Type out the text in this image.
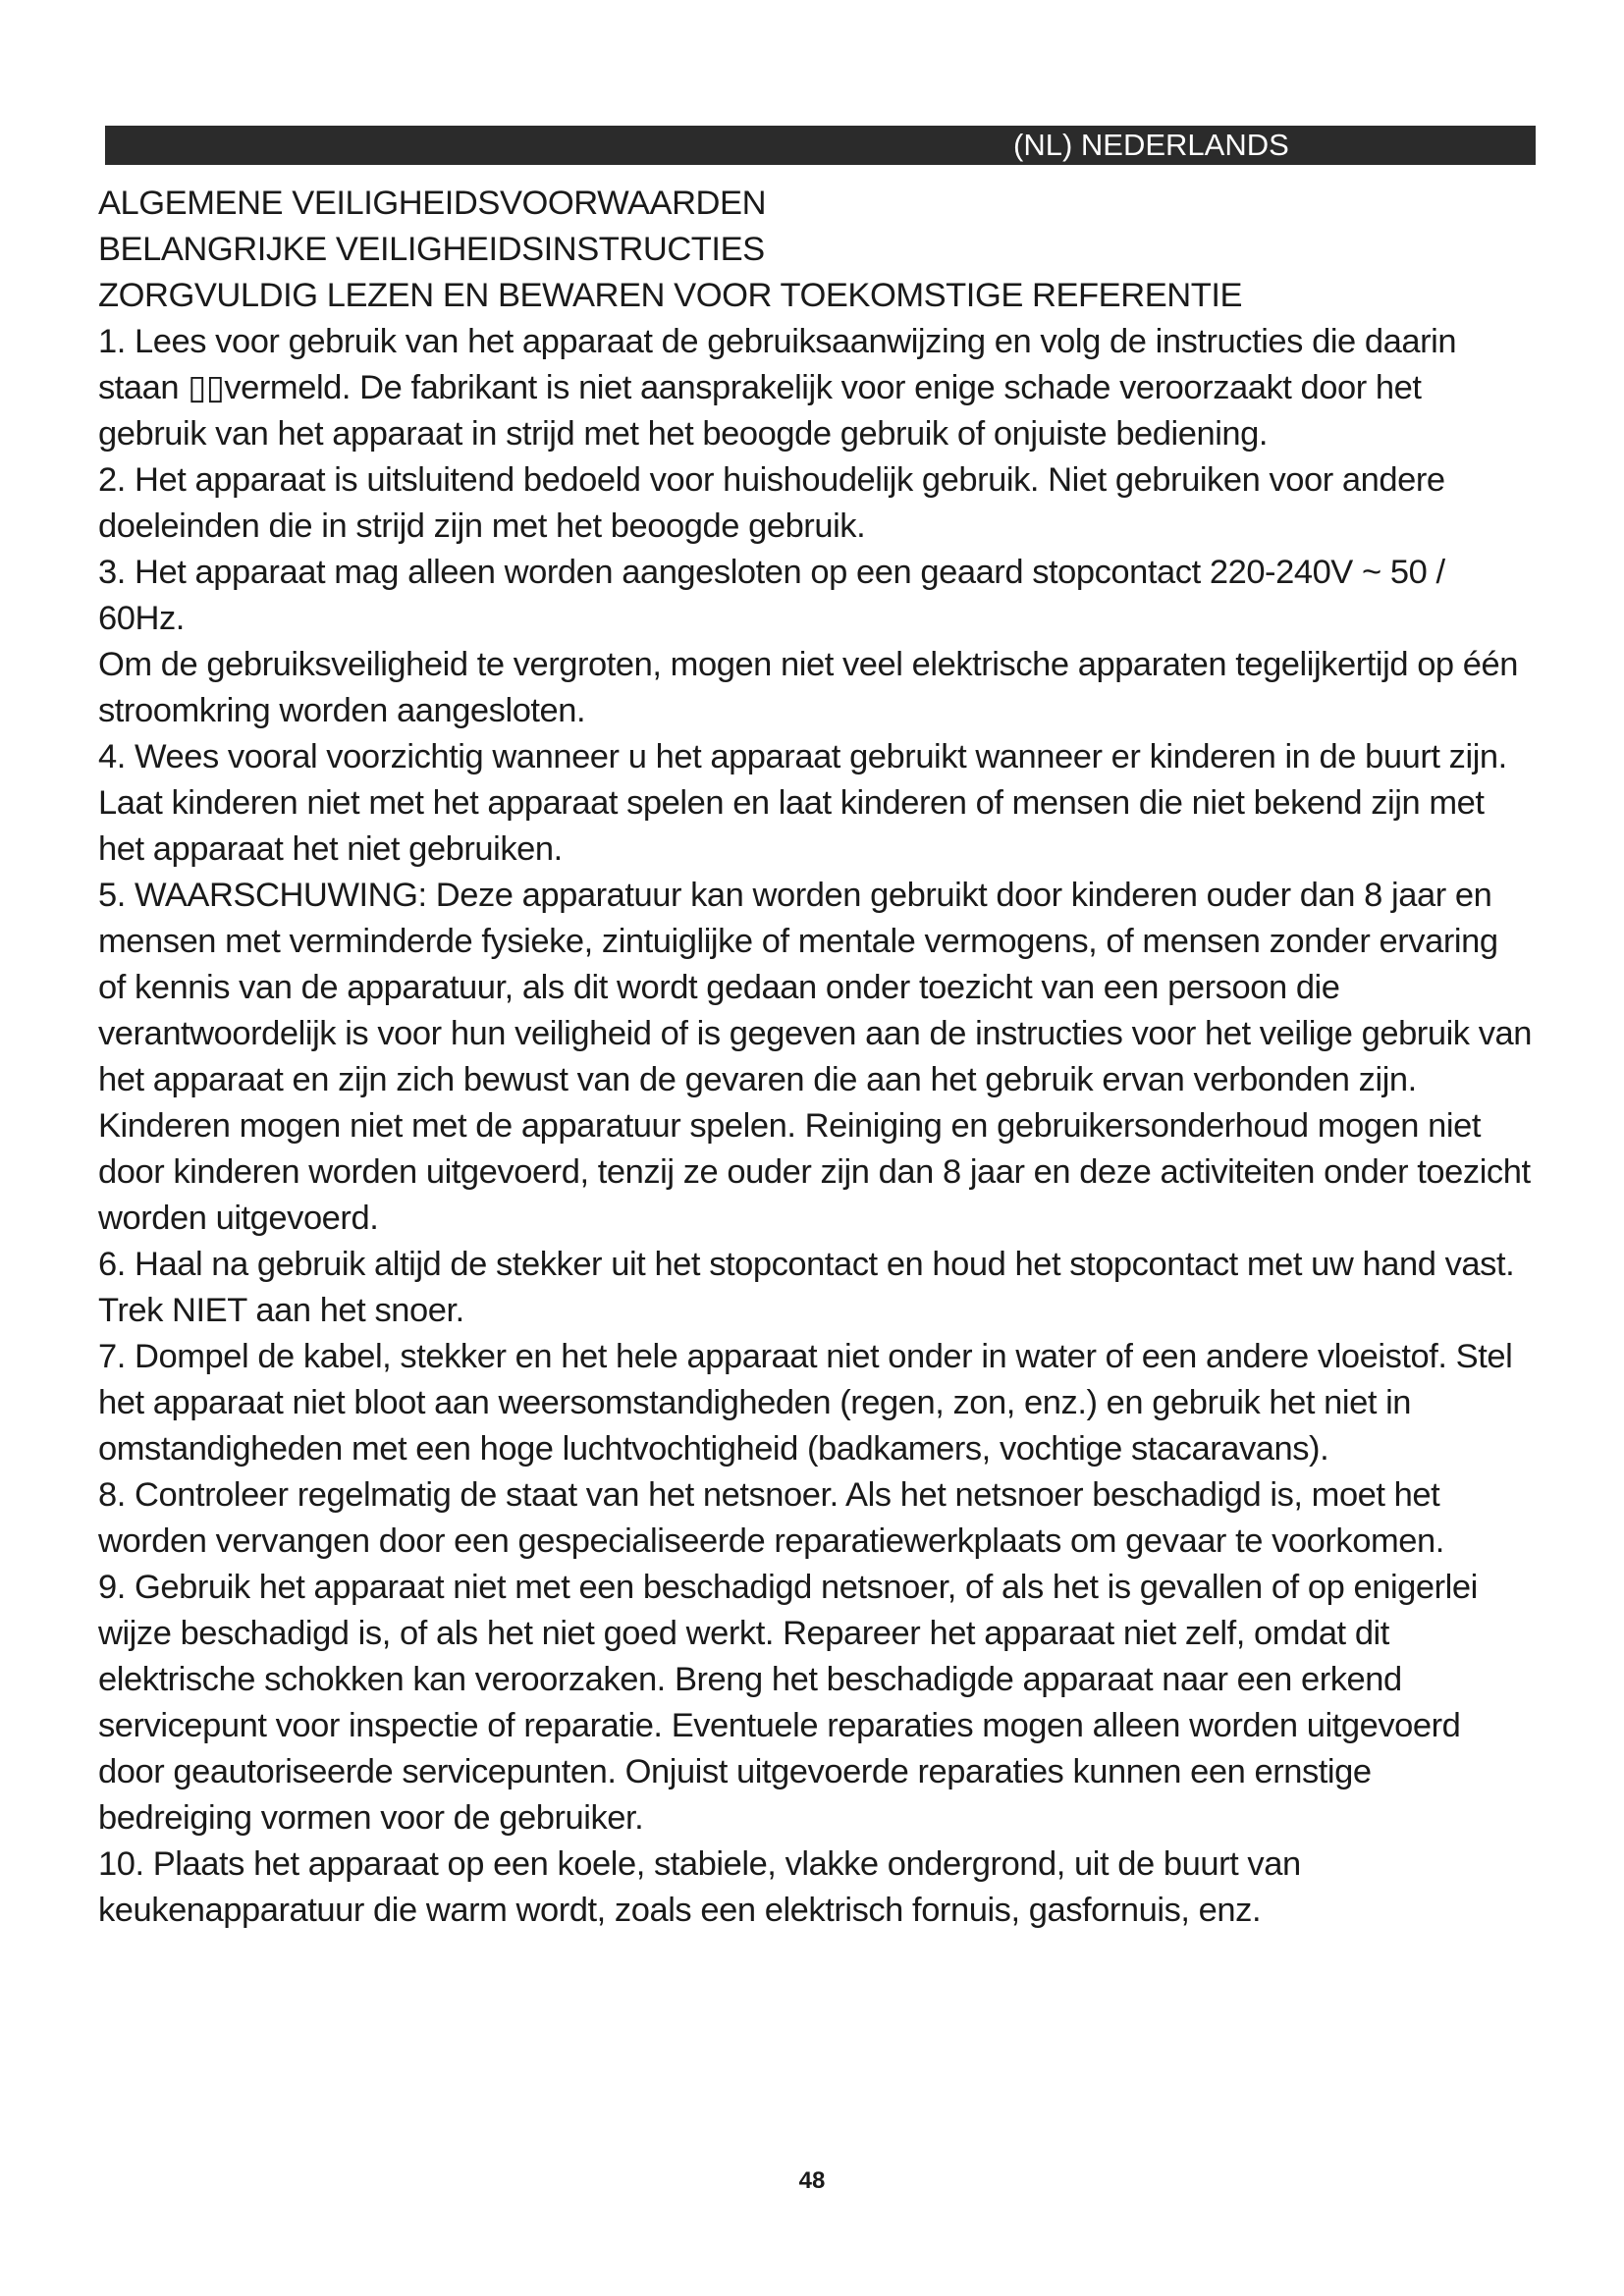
(NL) NEDERLANDS
ALGEMENE VEILIGHEIDSVOORWAARDEN
BELANGRIJKE VEILIGHEIDSINSTRUCTIES
ZORGVULDIG LEZEN EN BEWAREN VOOR TOEKOMSTIGE REFERENTIE

1. Lees voor gebruik van het apparaat de gebruiksaanwijzing en volg de instructies die daarin staan ▯▯vermeld. De fabrikant is niet aansprakelijk voor enige schade veroorzaakt door het gebruik van het apparaat in strijd met het beoogde gebruik of onjuiste bediening.

2. Het apparaat is uitsluitend bedoeld voor huishoudelijk gebruik. Niet gebruiken voor andere doeleinden die in strijd zijn met het beoogde gebruik.

3. Het apparaat mag alleen worden aangesloten op een geaard stopcontact 220-240V ~ 50 / 60Hz.

Om de gebruiksveiligheid te vergroten, mogen niet veel elektrische apparaten tegelijkertijd op één stroomkring worden aangesloten.

4. Wees vooral voorzichtig wanneer u het apparaat gebruikt wanneer er kinderen in de buurt zijn. Laat kinderen niet met het apparaat spelen en laat kinderen of mensen die niet bekend zijn met het apparaat het niet gebruiken.

5. WAARSCHUWING: Deze apparatuur kan worden gebruikt door kinderen ouder dan 8 jaar en mensen met verminderde fysieke, zintuiglijke of mentale vermogens, of mensen zonder ervaring of kennis van de apparatuur, als dit wordt gedaan onder toezicht van een persoon die verantwoordelijk is voor hun veiligheid of is gegeven aan de instructies voor het veilige gebruik van het apparaat en zijn zich bewust van de gevaren die aan het gebruik ervan verbonden zijn. Kinderen mogen niet met de apparatuur spelen. Reiniging en gebruikersonderhoud mogen niet door kinderen worden uitgevoerd, tenzij ze ouder zijn dan 8 jaar en deze activiteiten onder toezicht worden uitgevoerd.

6. Haal na gebruik altijd de stekker uit het stopcontact en houd het stopcontact met uw hand vast. Trek NIET aan het snoer.

7. Dompel de kabel, stekker en het hele apparaat niet onder in water of een andere vloeistof. Stel het apparaat niet bloot aan weersomstandigheden (regen, zon, enz.) en gebruik het niet in omstandigheden met een hoge luchtvochtigheid (badkamers, vochtige stacaravans).

8. Controleer regelmatig de staat van het netsnoer. Als het netsnoer beschadigd is, moet het worden vervangen door een gespecialiseerde reparatiewerkplaats om gevaar te voorkomen.

9. Gebruik het apparaat niet met een beschadigd netsnoer, of als het is gevallen of op enigerlei wijze beschadigd is, of als het niet goed werkt. Repareer het apparaat niet zelf, omdat dit elektrische schokken kan veroorzaken. Breng het beschadigde apparaat naar een erkend servicepunt voor inspectie of reparatie. Eventuele reparaties mogen alleen worden uitgevoerd door geautoriseerde servicepunten. Onjuist uitgevoerde reparaties kunnen een ernstige bedreiging vormen voor de gebruiker.

10. Plaats het apparaat op een koele, stabiele, vlakke ondergrond, uit de buurt van keukenapparatuur die warm wordt, zoals een elektrisch fornuis, gasfornuis, enz.

48
